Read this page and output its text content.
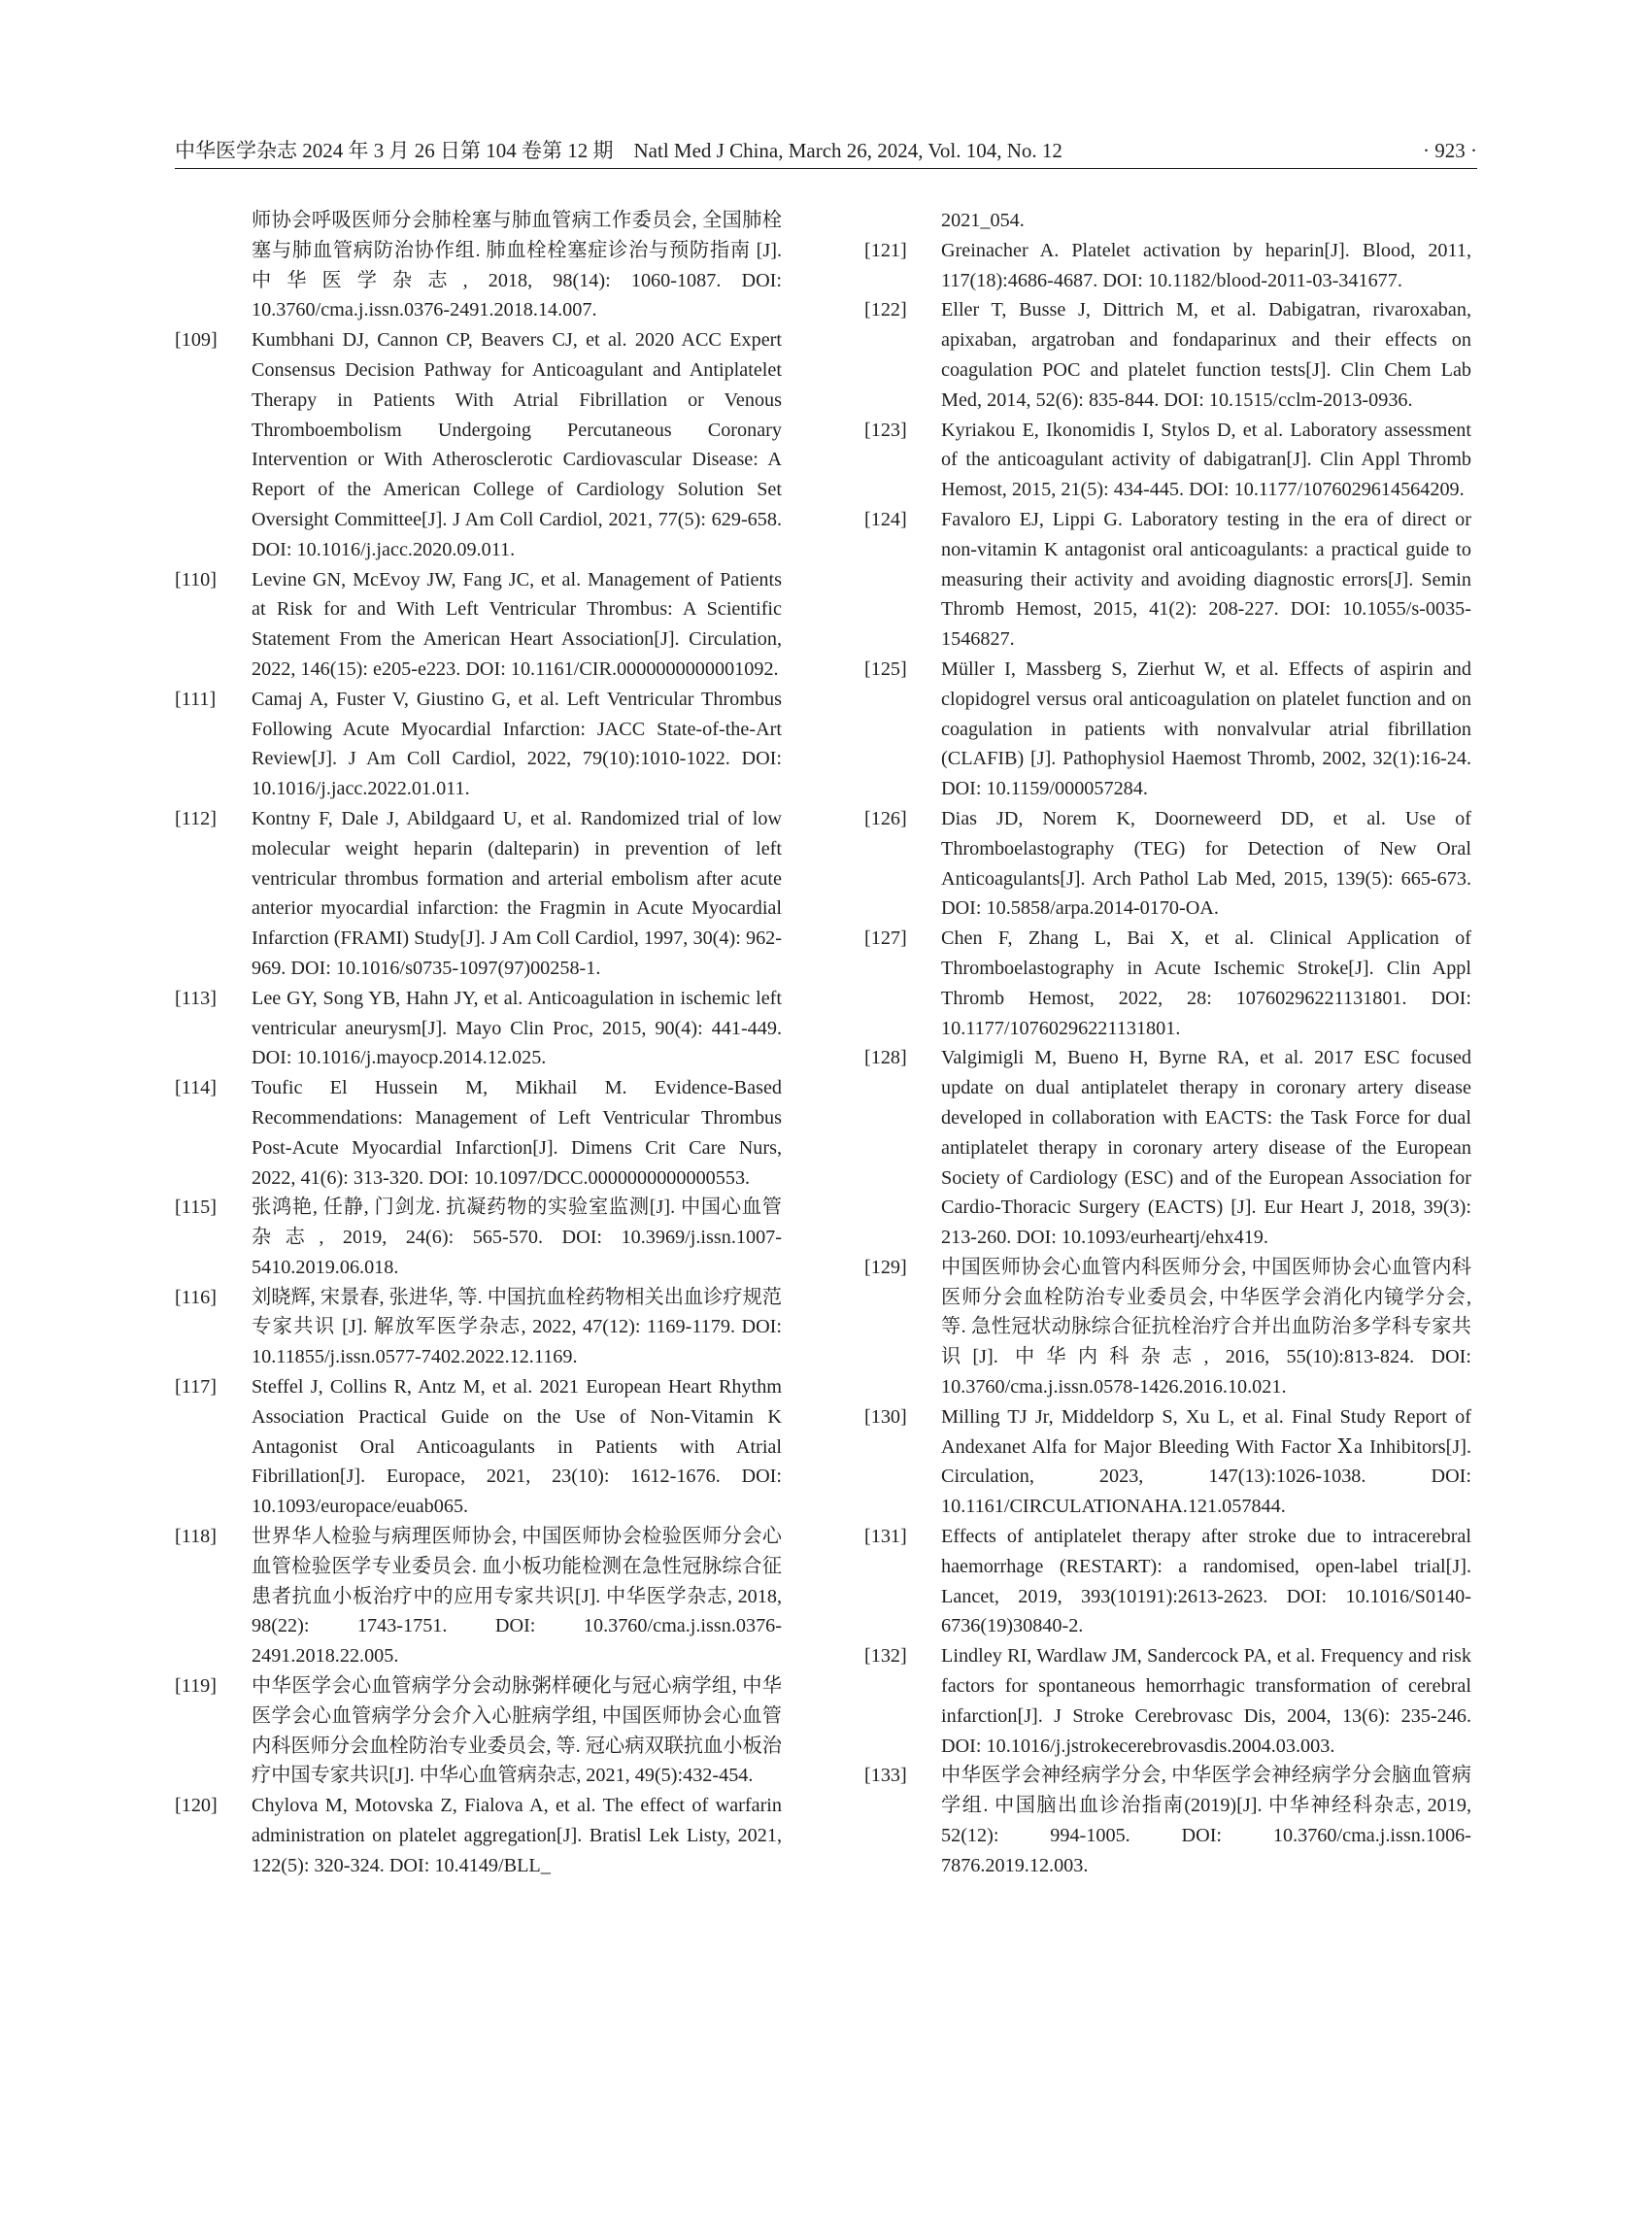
中华医学杂志 2024 年 3 月 26 日第 104 卷第 12 期　Natl Med J China, March 26, 2024, Vol. 104, No. 12	· 923 ·
师协会呼吸医师分会肺栓塞与肺血管病工作委员会, 全国肺栓塞与肺血管病防治协作组. 肺血栓栓塞症诊治与预防指南 [J]. 中华医学杂志, 2018, 98(14): 1060-1087. DOI: 10.3760/cma.j.issn.0376-2491.2018.14.007.
[109] Kumbhani DJ, Cannon CP, Beavers CJ, et al. 2020 ACC Expert Consensus Decision Pathway for Anticoagulant and Antiplatelet Therapy in Patients With Atrial Fibrillation or Venous Thromboembolism Undergoing Percutaneous Coronary Intervention or With Atherosclerotic Cardiovascular Disease: A Report of the American College of Cardiology Solution Set Oversight Committee[J]. J Am Coll Cardiol, 2021, 77(5): 629-658. DOI: 10.1016/j.jacc.2020.09.011.
[110] Levine GN, McEvoy JW, Fang JC, et al. Management of Patients at Risk for and With Left Ventricular Thrombus: A Scientific Statement From the American Heart Association[J]. Circulation, 2022, 146(15): e205-e223. DOI: 10.1161/CIR.0000000000001092.
[111] Camaj A, Fuster V, Giustino G, et al. Left Ventricular Thrombus Following Acute Myocardial Infarction: JACC State-of-the-Art Review[J]. J Am Coll Cardiol, 2022, 79(10):1010-1022. DOI: 10.1016/j.jacc.2022.01.011.
[112] Kontny F, Dale J, Abildgaard U, et al. Randomized trial of low molecular weight heparin (dalteparin) in prevention of left ventricular thrombus formation and arterial embolism after acute anterior myocardial infarction: the Fragmin in Acute Myocardial Infarction (FRAMI) Study[J]. J Am Coll Cardiol, 1997, 30(4): 962-969. DOI: 10.1016/s0735-1097(97)00258-1.
[113] Lee GY, Song YB, Hahn JY, et al. Anticoagulation in ischemic left ventricular aneurysm[J]. Mayo Clin Proc, 2015, 90(4): 441-449. DOI: 10.1016/j.mayocp.2014.12.025.
[114] Toufic El Hussein M, Mikhail M. Evidence-Based Recommendations: Management of Left Ventricular Thrombus Post-Acute Myocardial Infarction[J]. Dimens Crit Care Nurs, 2022, 41(6): 313-320. DOI: 10.1097/DCC.0000000000000553.
[115] 张鸿艳, 任静, 门剑龙. 抗凝药物的实验室监测[J]. 中国心血管杂志, 2019, 24(6): 565-570. DOI: 10.3969/j.issn.1007-5410.2019.06.018.
[116] 刘晓辉, 宋景春, 张进华, 等. 中国抗血栓药物相关出血诊疗规范专家共识 [J]. 解放军医学杂志, 2022, 47(12): 1169-1179. DOI: 10.11855/j.issn.0577-7402.2022.12.1169.
[117] Steffel J, Collins R, Antz M, et al. 2021 European Heart Rhythm Association Practical Guide on the Use of Non-Vitamin K Antagonist Oral Anticoagulants in Patients with Atrial Fibrillation[J]. Europace, 2021, 23(10): 1612-1676. DOI: 10.1093/europace/euab065.
[118] 世界华人检验与病理医师协会, 中国医师协会检验医师分会心血管检验医学专业委员会. 血小板功能检测在急性冠脉综合征患者抗血小板治疗中的应用专家共识[J]. 中华医学杂志, 2018, 98(22): 1743-1751. DOI: 10.3760/cma.j.issn.0376-2491.2018.22.005.
[119] 中华医学会心血管病学分会动脉粥样硬化与冠心病学组, 中华医学会心血管病学分会介入心脏病学组, 中国医师协会心血管内科医师分会血栓防治专业委员会, 等. 冠心病双联抗血小板治疗中国专家共识[J]. 中华心血管病杂志, 2021, 49(5):432-454.
[120] Chylova M, Motovska Z, Fialova A, et al. The effect of warfarin administration on platelet aggregation[J]. Bratisl Lek Listy, 2021, 122(5): 320-324. DOI: 10.4149/BLL_
2021_054.
[121] Greinacher A. Platelet activation by heparin[J]. Blood, 2011, 117(18):4686-4687. DOI: 10.1182/blood-2011-03-341677.
[122] Eller T, Busse J, Dittrich M, et al. Dabigatran, rivaroxaban, apixaban, argatroban and fondaparinux and their effects on coagulation POC and platelet function tests[J]. Clin Chem Lab Med, 2014, 52(6): 835-844. DOI: 10.1515/cclm-2013-0936.
[123] Kyriakou E, Ikonomidis I, Stylos D, et al. Laboratory assessment of the anticoagulant activity of dabigatran[J]. Clin Appl Thromb Hemost, 2015, 21(5): 434-445. DOI: 10.1177/1076029614564209.
[124] Favaloro EJ, Lippi G. Laboratory testing in the era of direct or non-vitamin K antagonist oral anticoagulants: a practical guide to measuring their activity and avoiding diagnostic errors[J]. Semin Thromb Hemost, 2015, 41(2): 208-227. DOI: 10.1055/s-0035-1546827.
[125] Müller I, Massberg S, Zierhut W, et al. Effects of aspirin and clopidogrel versus oral anticoagulation on platelet function and on coagulation in patients with nonvalvular atrial fibrillation (CLAFIB) [J]. Pathophysiol Haemost Thromb, 2002, 32(1):16-24. DOI: 10.1159/000057284.
[126] Dias JD, Norem K, Doorneweerd DD, et al. Use of Thromboelastography (TEG) for Detection of New Oral Anticoagulants[J]. Arch Pathol Lab Med, 2015, 139(5): 665-673. DOI: 10.5858/arpa.2014-0170-OA.
[127] Chen F, Zhang L, Bai X, et al. Clinical Application of Thromboelastography in Acute Ischemic Stroke[J]. Clin Appl Thromb Hemost, 2022, 28: 10760296221131801. DOI: 10.1177/10760296221131801.
[128] Valgimigli M, Bueno H, Byrne RA, et al. 2017 ESC focused update on dual antiplatelet therapy in coronary artery disease developed in collaboration with EACTS: the Task Force for dual antiplatelet therapy in coronary artery disease of the European Society of Cardiology (ESC) and of the European Association for Cardio-Thoracic Surgery (EACTS) [J]. Eur Heart J, 2018, 39(3): 213-260. DOI: 10.1093/eurheartj/ehx419.
[129] 中国医师协会心血管内科医师分会, 中国医师协会心血管内科医师分会血栓防治专业委员会, 中华医学会消化内镜学分会, 等. 急性冠状动脉综合征抗栓治疗合并出血防治多学科专家共识[J]. 中华内科杂志, 2016, 55(10):813-824. DOI: 10.3760/cma.j.issn.0578-1426.2016.10.021.
[130] Milling TJ Jr, Middeldorp S, Xu L, et al. Final Study Report of Andexanet Alfa for Major Bleeding With Factor Ⅹa Inhibitors[J]. Circulation, 2023, 147(13):1026-1038. DOI: 10.1161/CIRCULATIONAHA.121.057844.
[131] Effects of antiplatelet therapy after stroke due to intracerebral haemorrhage (RESTART): a randomised, open-label trial[J]. Lancet, 2019, 393(10191):2613-2623. DOI: 10.1016/S0140-6736(19)30840-2.
[132] Lindley RI, Wardlaw JM, Sandercock PA, et al. Frequency and risk factors for spontaneous hemorrhagic transformation of cerebral infarction[J]. J Stroke Cerebrovasc Dis, 2004, 13(6): 235-246. DOI: 10.1016/j.jstrokecerebrovasdis.2004.03.003.
[133] 中华医学会神经病学分会, 中华医学会神经病学分会脑血管病学组. 中国脑出血诊治指南(2019)[J]. 中华神经科杂志, 2019, 52(12): 994-1005. DOI: 10.3760/cma.j.issn.1006-7876.2019.12.003.
